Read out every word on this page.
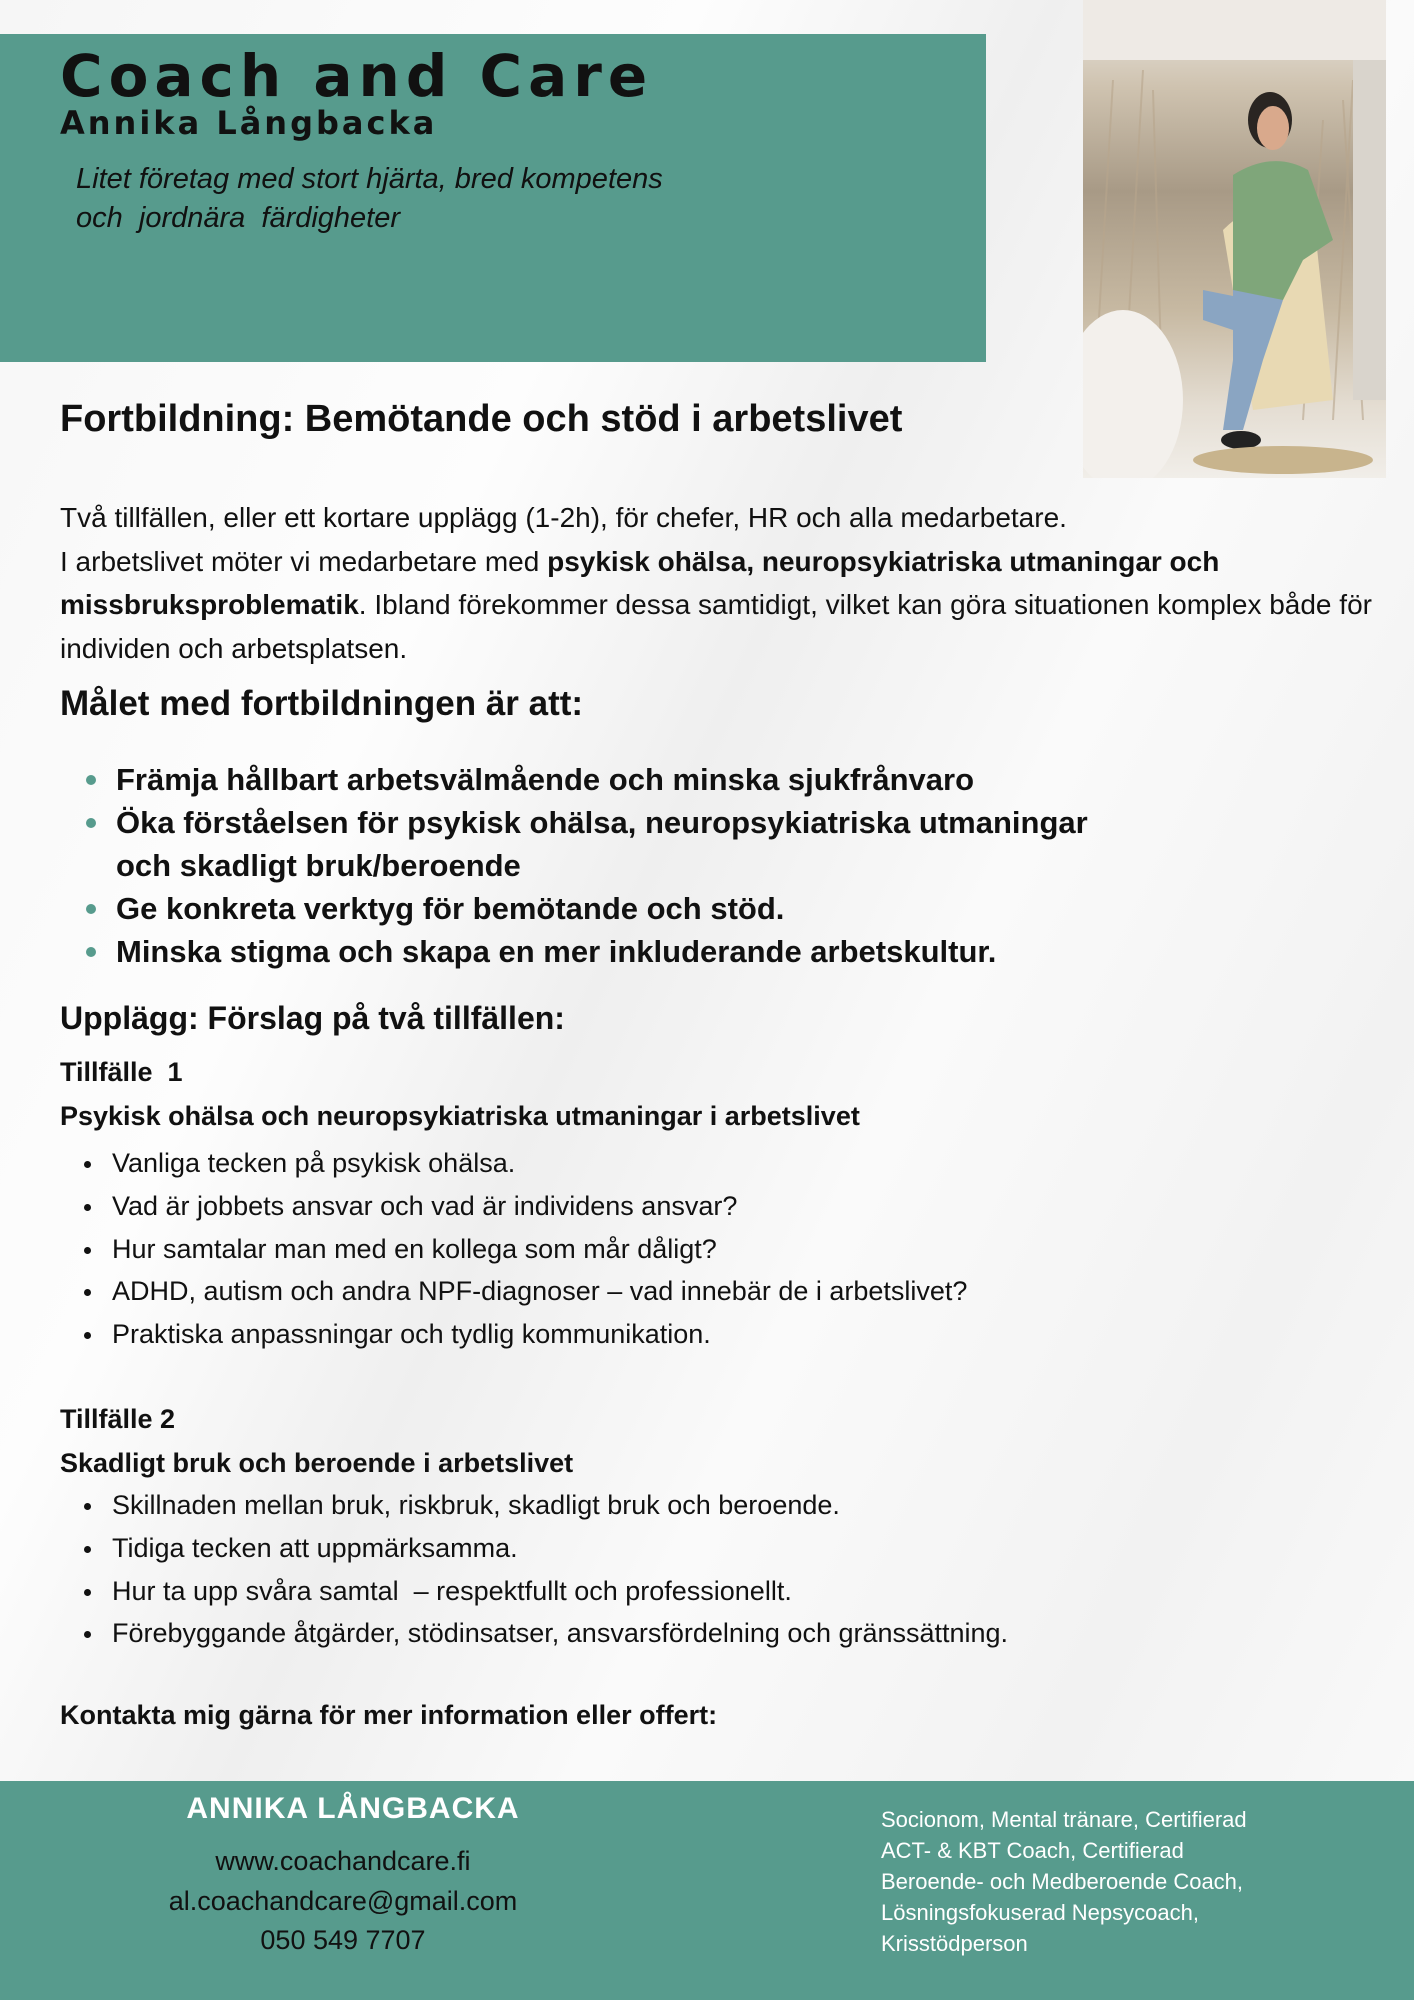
Coach and Care
Annika Långbacka
Litet företag med stort hjärta, bred kompetens
och  jordnära  färdigheter
Fortbildning: Bemötande och stöd i arbetslivet
Två tillfällen, eller ett kortare upplägg (1-2h), för chefer, HR och alla medarbetare.
I arbetslivet möter vi medarbetare med psykisk ohälsa, neuropsykiatriska utmaningar och missbruksproblematik. Ibland förekommer dessa samtidigt, vilket kan göra situationen komplex både för individen och arbetsplatsen.
Målet med fortbildningen är att:
Främja hållbart arbetsvälmående och minska sjukfrånvaro
Öka förståelsen för psykisk ohälsa, neuropsykiatriska utmaningar och skadligt bruk/beroende
Ge konkreta verktyg för bemötande och stöd.
Minska stigma och skapa en mer inkluderande arbetskultur.
Upplägg: Förslag på två tillfällen:
Tillfälle  1
Psykisk ohälsa och neuropsykiatriska utmaningar i arbetslivet
Vanliga tecken på psykisk ohälsa.
Vad är jobbets ansvar och vad är individens ansvar?
Hur samtalar man med en kollega som mår dåligt?
ADHD, autism och andra NPF-diagnoser – vad innebär de i arbetslivet?
Praktiska anpassningar och tydlig kommunikation.
Tillfälle 2
Skadligt bruk och beroende i arbetslivet
Skillnaden mellan bruk, riskbruk, skadligt bruk och beroende.
Tidiga tecken att uppmärksamma.
Hur ta upp svåra samtal  – respektfullt och professionellt.
Förebyggande åtgärder, stödinsatser, ansvarsfördelning och gränssättning.
Kontakta mig gärna för mer information eller offert:
ANNIKA LÅNGBACKA
www.coachandcare.fi
al.coachandcare@gmail.com
050 549 7707
Socionom, Mental tränare, Certifierad
ACT- & KBT Coach, Certifierad
Beroende- och Medberoende Coach,
Lösningsfokuserad Nepsycoach,
Krisstödperson
